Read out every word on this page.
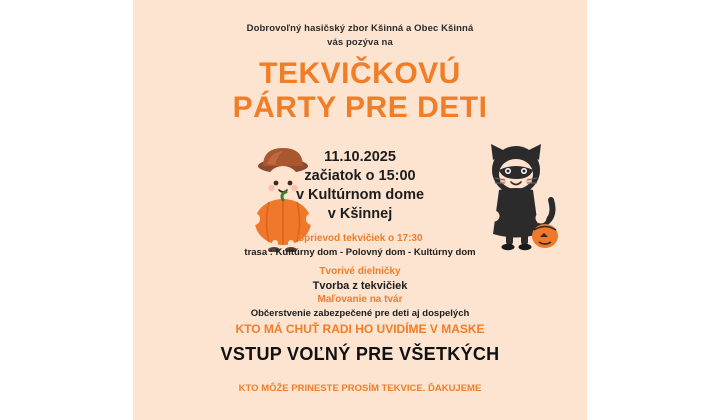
Dobrovoľný hasičský zbor Kšinná a Obec Kšinná
vás pozýva na
TEKVIČKOVÚ
PÁRTY PRE DETI
11.10.2025
začiatok o 15:00
v Kultúrnom dome
v Kšinnej
Sprievod tekvičiek o 17:30
trasa : Kultúrny dom - Polovný dom - Kultúrny dom
Tvorivé dielničky
Tvorba z tekvičiek
Maľovanie na tvár
Občerstvenie zabezpečené pre deti aj dospelých
KTO MÁ CHUŤ RADI HO UVIDÍME V MASKE
VSTUP VOĽNÝ PRE VŠETKÝCH
KTO MÔŽE PRINESTE PROSÍM TEKVICE. ĎAKUJEME
